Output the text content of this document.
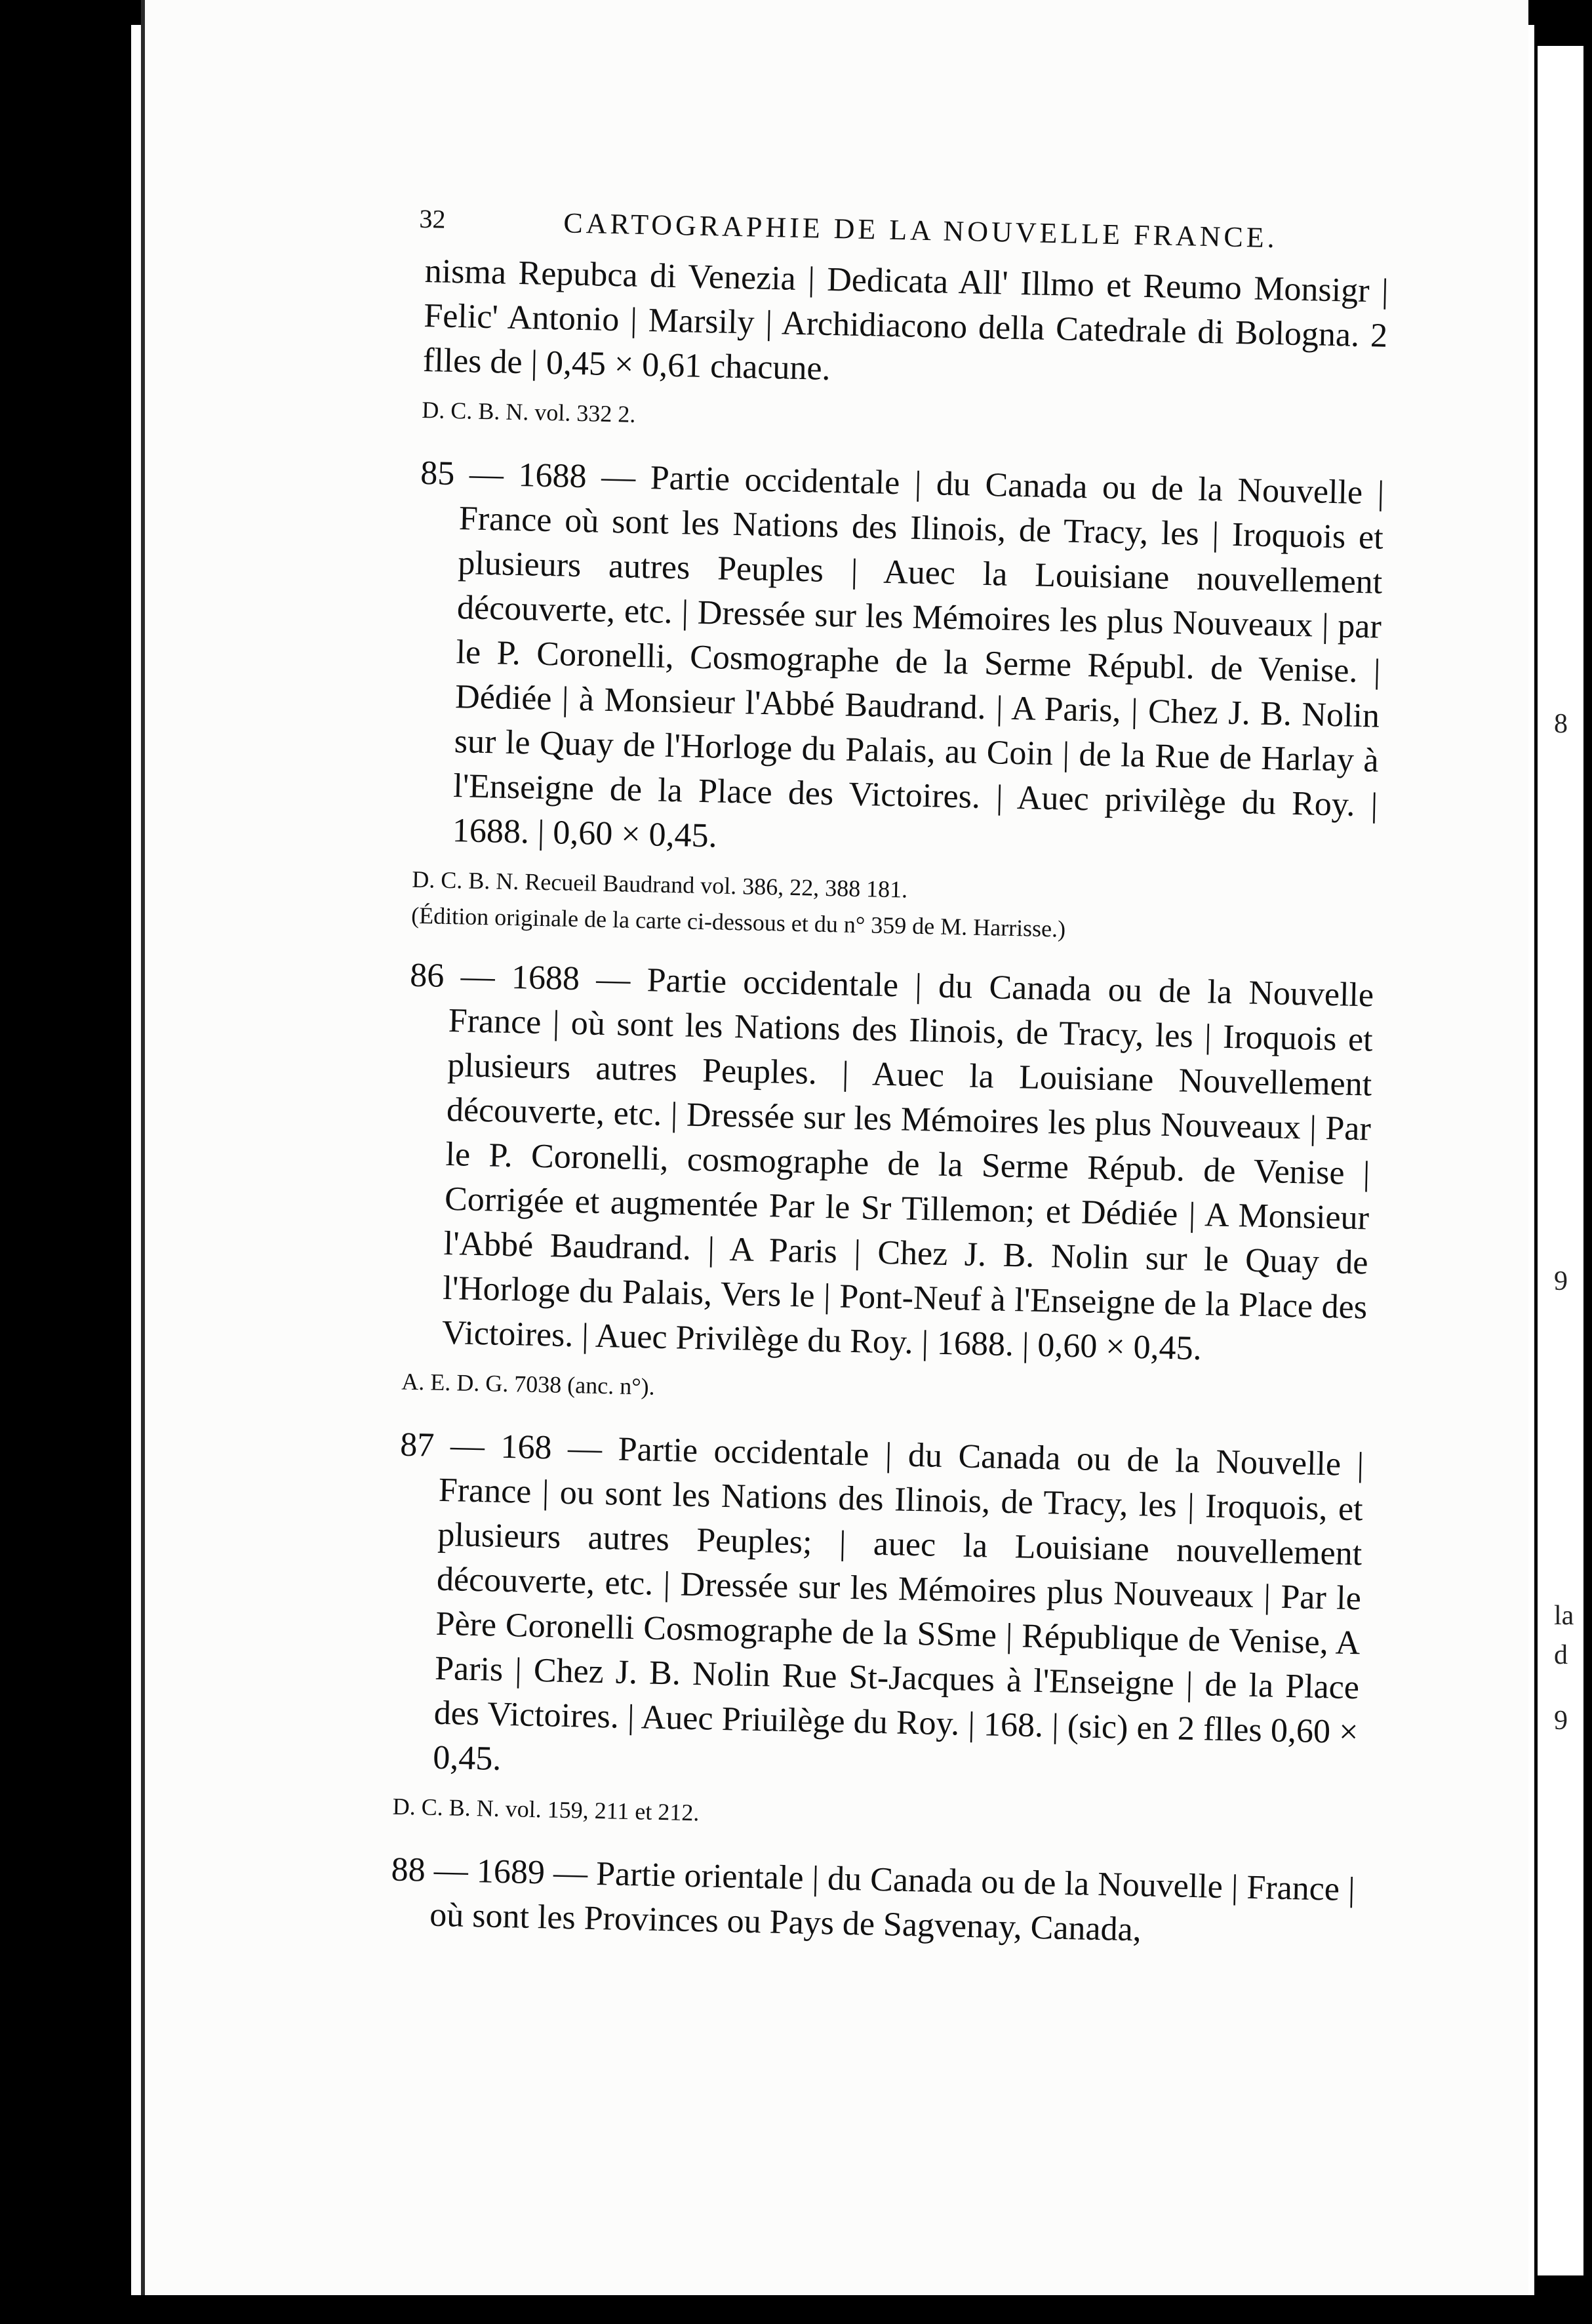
8
9
la
d
9
32	CARTOGRAPHIE DE LA NOUVELLE FRANCE.

nisma Repubca di Venezia | Dedicata All' Illmo et Reumo Monsigr | Felic' Antonio | Marsily | Archidiacono della Catedrale di Bologna. 2 flles de | 0,45 × 0,61 chacune.

D. C. B. N. vol. 332 2.

85 — 1688 — Partie occidentale | du Canada ou de la Nouvelle | France où sont les Nations des Ilinois, de Tracy, les | Iroquois et plusieurs autres Peuples | Auec la Louisiane nouvellement découverte, etc. | Dressée sur les Mémoires les plus Nouveaux | par le P. Coronelli, Cosmographe de la Serme Républ. de Venise. | Dédiée | à Monsieur l'Abbé Baudrand. | A Paris, | Chez J. B. Nolin sur le Quay de l'Horloge du Palais, au Coin | de la Rue de Harlay à l'Enseigne de la Place des Victoires. | Auec privilège du Roy. | 1688. | 0,60 × 0,45.

D. C. B. N. Recueil Baudrand vol. 386, 22, 388 181.

(Édition originale de la carte ci-dessous et du n° 359 de M. Harrisse.)

86 — 1688 — Partie occidentale | du Canada ou de la Nouvelle France | où sont les Nations des Ilinois, de Tracy, les | Iroquois et plusieurs autres Peuples. | Auec la Louisiane Nouvellement découverte, etc. | Dressée sur les Mémoires les plus Nouveaux | Par le P. Coronelli, cosmographe de la Serme Répub. de Venise | Corrigée et augmentée Par le Sr Tillemon; et Dédiée | A Monsieur l'Abbé Baudrand. | A Paris | Chez J. B. Nolin sur le Quay de l'Horloge du Palais, Vers le | Pont-Neuf à l'Enseigne de la Place des Victoires. | Auec Privilège du Roy. | 1688. | 0,60 × 0,45.

A. E. D. G. 7038 (anc. n°).

87 — 168 — Partie occidentale | du Canada ou de la Nouvelle | France | ou sont les Nations des Ilinois, de Tracy, les | Iroquois, et plusieurs autres Peuples; | auec la Louisiane nouvellement découverte, etc. | Dressée sur les Mémoires plus Nouveaux | Par le Père Coronelli Cosmographe de la SSme | République de Venise, A Paris | Chez J. B. Nolin Rue St-Jacques à l'Enseigne | de la Place des Victoires. | Auec Priuilège du Roy. | 168. | (sic) en 2 flles 0,60 × 0,45.

D. C. B. N. vol. 159, 211 et 212.

88 — 1689 — Partie orientale | du Canada ou de la Nouvelle | France | où sont les Provinces ou Pays de Sagvenay, Canada,
